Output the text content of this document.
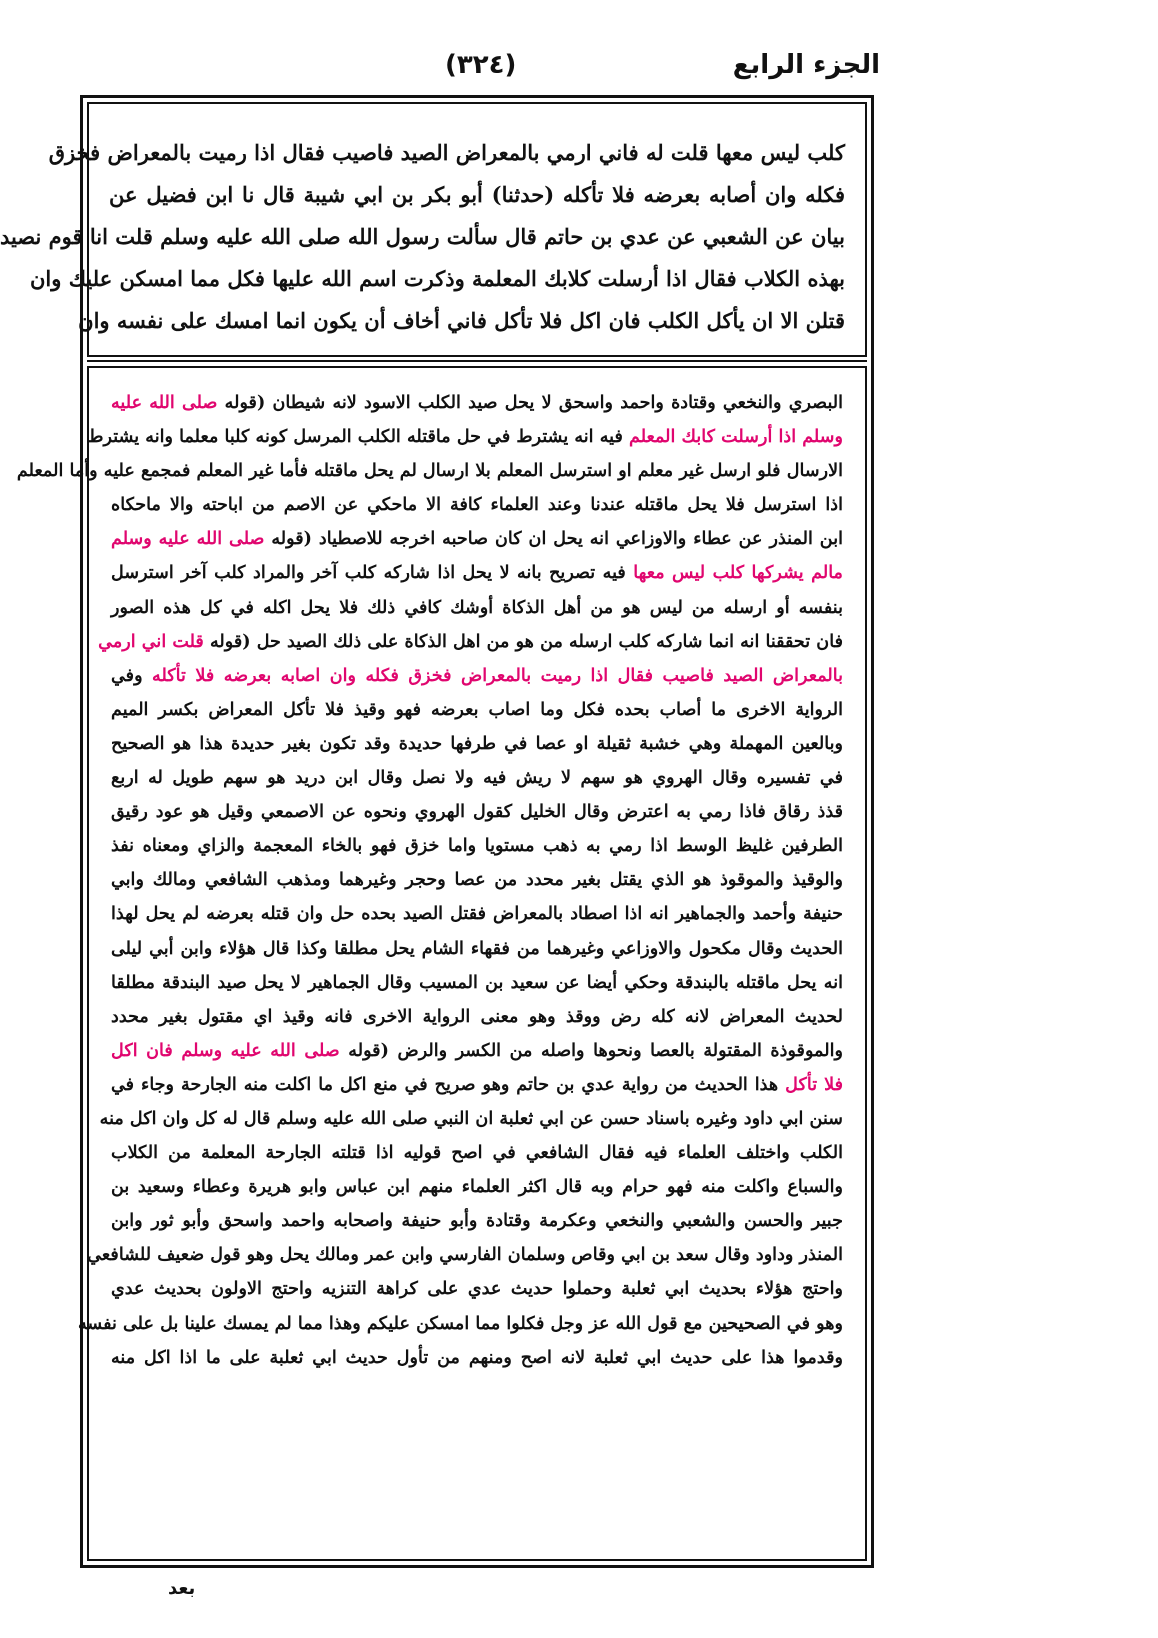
الجزء الرابع
(٣٢٤)
كلب ليس معها قلت له فاني ارمي بالمعراض الصيد فاصيب فقال اذا رميت بالمعراض فخزق
فكله وان أصابه بعرضه فلا تأكله (حدثنا) أبو بكر بن ابي شيبة قال نا ابن فضيل عن
بيان عن الشعبي عن عدي بن حاتم قال سألت رسول الله صلى الله عليه وسلم قلت انا قوم نصيد
بهذه الكلاب فقال اذا أرسلت كلابك المعلمة وذكرت اسم الله عليها فكل مما امسكن عليك وان
قتلن الا ان يأكل الكلب فان اكل فلا تأكل فاني أخاف أن يكون انما امسك على نفسه وان
البصري والنخعي وقتادة واحمد واسحق لا يحل صيد الكلب الاسود لانه شيطان (قوله صلى الله عليه
وسلم اذا أرسلت كابك المعلم فيه انه يشترط في حل ماقتله الكلب المرسل كونه كلبا معلما وانه يشترط
الارسال فلو ارسل غير معلم او استرسل المعلم بلا ارسال لم يحل ماقتله فأما غير المعلم فمجمع عليه وأما المعلم
اذا استرسل فلا يحل ماقتله عندنا وعند العلماء كافة الا ماحكي عن الاصم من اباحته والا ماحكاه
ابن المنذر عن عطاء والاوزاعي انه يحل ان كان صاحبه اخرجه للاصطياد (قوله صلى الله عليه وسلم
مالم يشركها كلب ليس معها فيه تصريح بانه لا يحل اذا شاركه كلب آخر والمراد كلب آخر استرسل
بنفسه أو ارسله من ليس هو من أهل الذكاة أوشك كافي ذلك فلا يحل اكله في كل هذه الصور
فان تحققنا انه انما شاركه كلب ارسله من هو من اهل الذكاة على ذلك الصيد حل (قوله قلت اني ارمي
بالمعراض الصيد فاصيب فقال اذا رميت بالمعراض فخزق فكله وان اصابه بعرضه فلا تأكله وفي
الرواية الاخرى ما أصاب بحده فكل وما اصاب بعرضه فهو وقيذ فلا تأكل المعراض بكسر الميم
وبالعين المهملة وهي خشبة ثقيلة او عصا في طرفها حديدة وقد تكون بغير حديدة هذا هو الصحيح
في تفسيره وقال الهروي هو سهم لا ريش فيه ولا نصل وقال ابن دريد هو سهم طويل له اربع
قذذ رقاق فاذا رمي به اعترض وقال الخليل كقول الهروي ونحوه عن الاصمعي وقيل هو عود رقيق
الطرفين غليظ الوسط اذا رمي به ذهب مستويا واما خزق فهو بالخاء المعجمة والزاي ومعناه نفذ
والوقيذ والموقوذ هو الذي يقتل بغير محدد من عصا وحجر وغيرهما ومذهب الشافعي ومالك وابي
حنيفة وأحمد والجماهير انه اذا اصطاد بالمعراض فقتل الصيد بحده حل وان قتله بعرضه لم يحل لهذا
الحديث وقال مكحول والاوزاعي وغيرهما من فقهاء الشام يحل مطلقا وكذا قال هؤلاء وابن أبي ليلى
انه يحل ماقتله بالبندقة وحكي أيضا عن سعيد بن المسيب وقال الجماهير لا يحل صيد البندقة مطلقا
لحديث المعراض لانه كله رض ووقذ وهو معنى الرواية الاخرى فانه وقيذ اي مقتول بغير محدد
والموقوذة المقتولة بالعصا ونحوها واصله من الكسر والرض (قوله صلى الله عليه وسلم فان اكل
فلا تأكل هذا الحديث من رواية عدي بن حاتم وهو صريح في منع اكل ما اكلت منه الجارحة وجاء في
سنن ابي داود وغيره باسناد حسن عن ابي ثعلبة ان النبي صلى الله عليه وسلم قال له كل وان اكل منه
الكلب واختلف العلماء فيه فقال الشافعي في اصح قوليه اذا قتلته الجارحة المعلمة من الكلاب
والسباع واكلت منه فهو حرام وبه قال اكثر العلماء منهم ابن عباس وابو هريرة وعطاء وسعيد بن
جبير والحسن والشعبي والنخعي وعكرمة وقتادة وأبو حنيفة واصحابه واحمد واسحق وأبو ثور وابن
المنذر وداود وقال سعد بن ابي وقاص وسلمان الفارسي وابن عمر ومالك يحل وهو قول ضعيف للشافعي
واحتج هؤلاء بحديث ابي ثعلبة وحملوا حديث عدي على كراهة التنزيه واحتج الاولون بحديث عدي
وهو في الصحيحين مع قول الله عز وجل فكلوا مما امسكن عليكم وهذا مما لم يمسك علينا بل على نفسه
وقدموا هذا على حديث ابي ثعلبة لانه اصح ومنهم من تأول حديث ابي ثعلبة على ما اذا اكل منه
بعد
